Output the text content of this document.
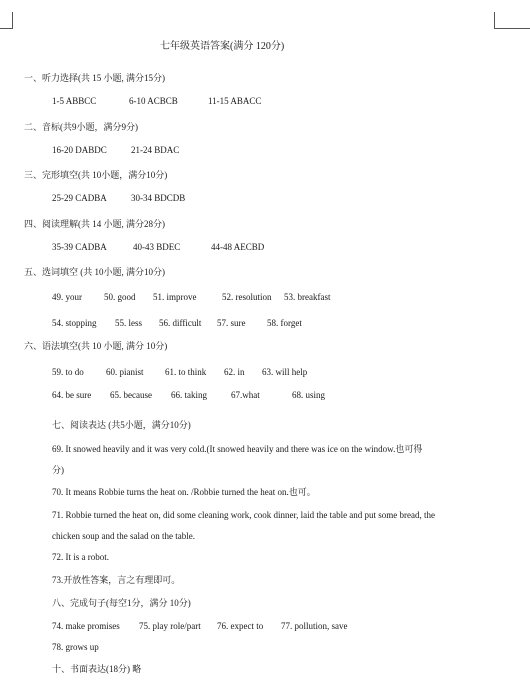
七年级英语答案(满分 120分)
一、听力选择(共 15 小题, 满分15分)
1-5 ABBCC	6-10 ACBCB	11-15 ABACC
二、音标(共9小题，满分9分)
16-20 DABDC	21-24 BDAC
三、完形填空(共 10小题，满分10分)
25-29 CADBA	30-34 BDCDB
四、阅读理解(共 14 小题, 满分28分)
35-39 CADBA	40-43 BDEC	44-48 AECBD
五、选词填空 (共 10小题, 满分10分)
49. your 50. good 51. improve	52. resolution 53. breakfast
54. stopping 55. less 56. difficult 57. sure 58. forget
六、语法填空(共 10 小题, 满分 10分)
59. to do 60. pianist 61. to think 62. in 63. will help
64. be sure 65. because 66. taking	67.what	68. using
七、阅读表达 (共5小题，满分10分)
69. It snowed heavily and it was very cold.(It snowed heavily and there was ice on the window.也可得
分)
70. It means Robbie turns the heat on. /Robbie turned the heat on.也可。
71. Robbie turned the heat on, did some cleaning work, cook dinner, laid the table and put some bread, the
chicken soup and the salad on the table.
72. It is a robot.
73.开放性答案，言之有理即可。
八、完成句子(每空1分，满分 10分)
74. make promises 75. play role/part 76. expect to 77. pollution, save
78. grows up
十、书面表达(18分) 略
